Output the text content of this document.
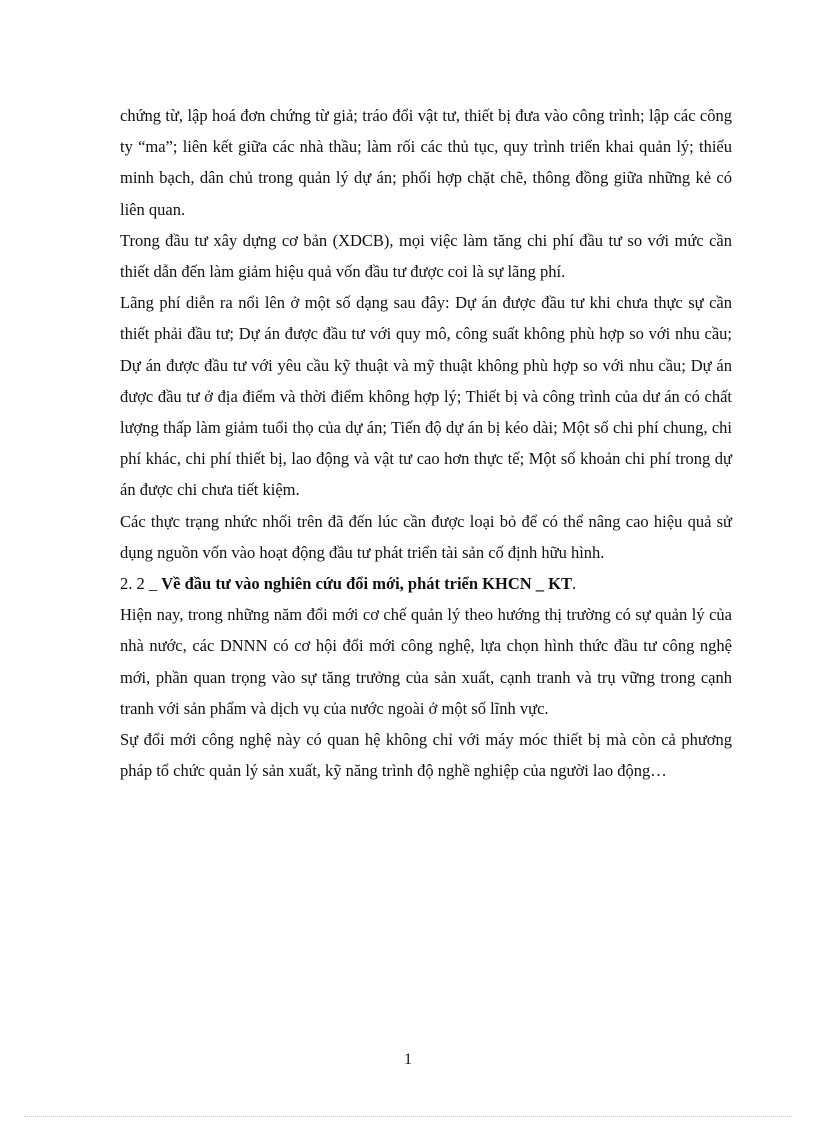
chứng từ, lập hoá đơn chứng từ giả; tráo đổi vật tư, thiết bị đưa vào công trình; lập các công ty “ma”; liên kết giữa các nhà thầu; làm rối các thủ tục, quy trình triển khai quản lý; thiếu minh bạch, dân chủ trong quản lý dự án; phối hợp chặt chẽ, thông đồng giữa những kẻ có liên quan.

Trong đầu tư xây dựng cơ bản (XDCB), mọi việc làm tăng chi phí đầu tư so với mức cần thiết dẫn đến làm giảm hiệu quả vốn đầu tư được coi là sự lãng phí.

Lãng phí diễn ra nổi lên ở một số dạng sau đây: Dự án được đầu tư khi chưa thực sự cần thiết phải đầu tư; Dự án được đầu tư với quy mô, công suất không phù hợp so với nhu cầu; Dự án được đầu tư với yêu cầu kỹ thuật và mỹ thuật không phù hợp so với nhu cầu; Dự án được đầu tư ở địa điểm và thời điểm không hợp lý; Thiết bị và công trình của dư án có chất lượng thấp làm giảm tuổi thọ của dự án; Tiến độ dự án bị kéo dài; Một số chi phí chung, chi phí khác, chi phí thiết bị, lao động và vật tư cao hơn thực tế; Một số khoản chi phí trong dự án được chi chưa tiết kiệm.

Các thực trạng nhức nhối trên đã đến lúc cần được loại bỏ để có thể nâng cao hiệu quả sử dụng nguồn vốn vào hoạt động đầu tư phát triển tài sản cố định hữu hình.

2. 2 _ Về đầu tư vào nghiên cứu đổi mới, phát triển KHCN _ KT.

Hiện nay, trong những năm đổi mới cơ chế quản lý theo hướng thị trường có sự quản lý của nhà nước, các DNNN có cơ hội đổi mới công nghệ, lựa chọn hình thức đầu tư công nghệ mới, phần quan trọng vào sự tăng trưởng của sản xuất, cạnh tranh và trụ vững trong cạnh tranh với sản phẩm và dịch vụ của nước ngoài ở một số lĩnh vực.

Sự đổi mới công nghệ này có quan hệ không chỉ với máy móc thiết bị mà còn cả phương pháp tổ chức quản lý sản xuất, kỹ năng trình độ nghề nghiệp của người lao động…

1
